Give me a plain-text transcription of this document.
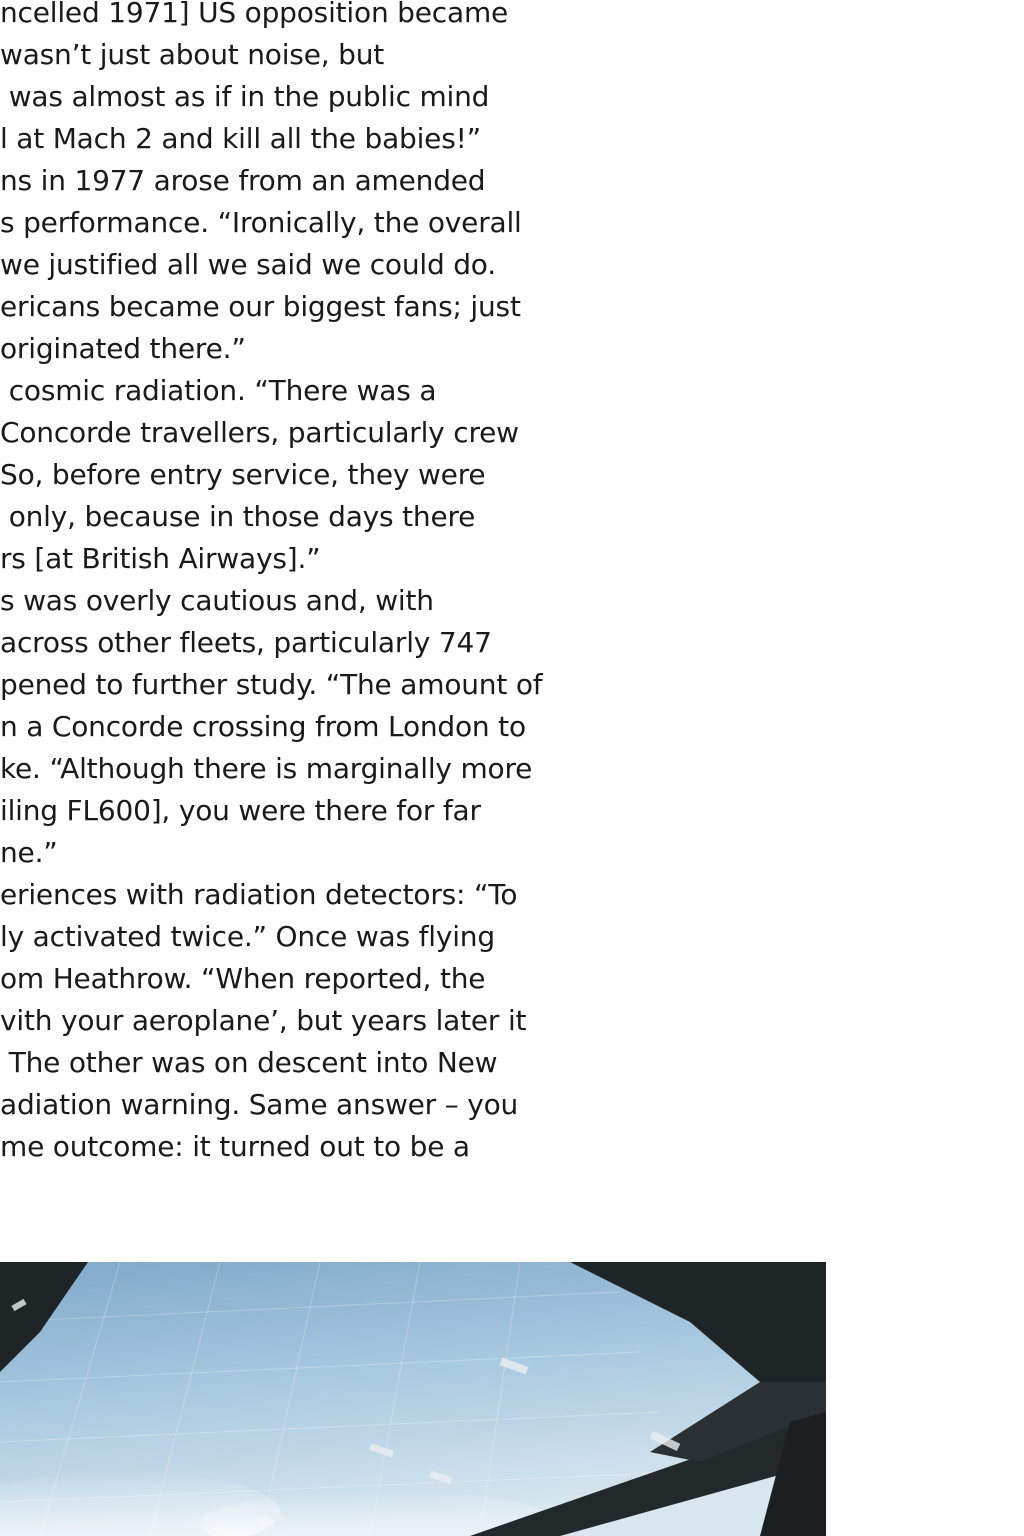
ncelled 1971] US opposition became
wasn’t just about noise, but
was almost as if in the public mind
l at Mach 2 and kill all the babies!”
ns in 1977 arose from an amended
s performance. “Ironically, the overall
we justified all we said we could do.
ericans became our biggest fans; just
originated there.”
cosmic radiation. “There was a
Concorde travellers, particularly crew
So, before entry service, they were
only, because in those days there
rs [at British Airways].”
s was overly cautious and, with
across other fleets, particularly 747
pened to further study. “The amount of
n a Concorde crossing from London to
ke. “Although there is marginally more
iling FL600], you were there for far
ne.”
eriences with radiation detectors: “To
ly activated twice.” Once was flying
om Heathrow. “When reported, the
vith your aeroplane’, but years later it
The other was on descent into New
adiation warning. Same answer – you
me outcome: it turned out to be a
